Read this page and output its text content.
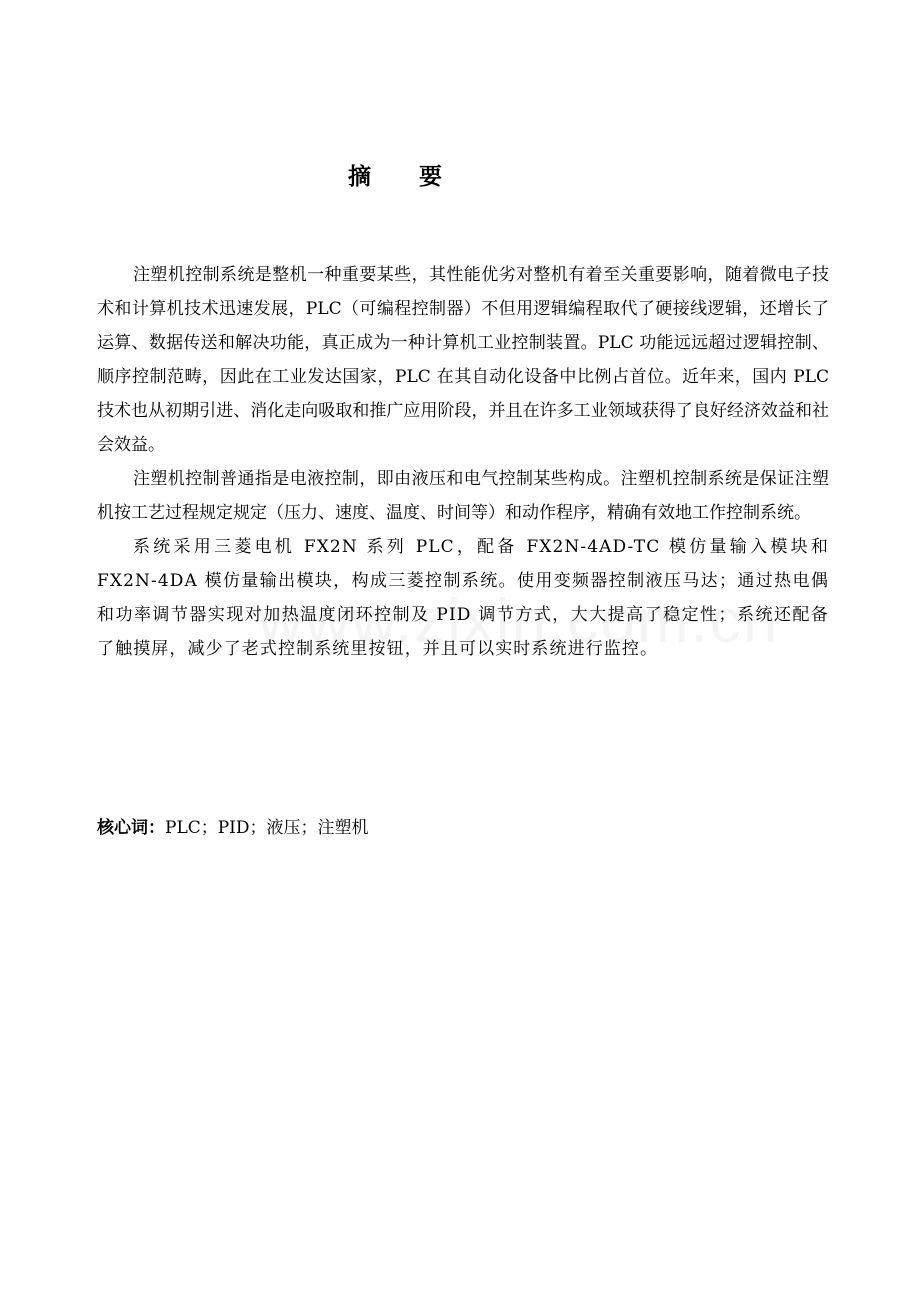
摘 要

注塑机控制系统是整机一种重要某些，其性能优劣对整机有着至关重要影响，随着微电子技术和计算机技术迅速发展，PLC（可编程控制器）不但用逻辑编程取代了硬接线逻辑，还增长了运算、数据传送和解决功能，真正成为一种计算机工业控制装置。PLC 功能远远超过逻辑控制、顺序控制范畴，因此在工业发达国家，PLC 在其自动化设备中比例占首位。近年来，国内 PLC 技术也从初期引进、消化走向吸取和推广应用阶段，并且在许多工业领域获得了良好经济效益和社会效益。

注塑机控制普通指是电液控制，即由液压和电气控制某些构成。注塑机控制系统是保证注塑机按工艺过程规定规定（压力、速度、温度、时间等）和动作程序，精确有效地工作控制系统。

系统采用三菱电机 FX2N 系列 PLC，配备 FX2N-4AD-TC 模仿量输入模块和 FX2N-4DA 模仿量输出模块，构成三菱控制系统。使用变频器控制液压马达；通过热电偶和功率调节器实现对加热温度闭环控制及 PID 调节方式，大大提高了稳定性；系统还配备了触摸屏，减少了老式控制系统里按钮，并且可以实时系统进行监控。

核心词：PLC；PID；液压；注塑机
